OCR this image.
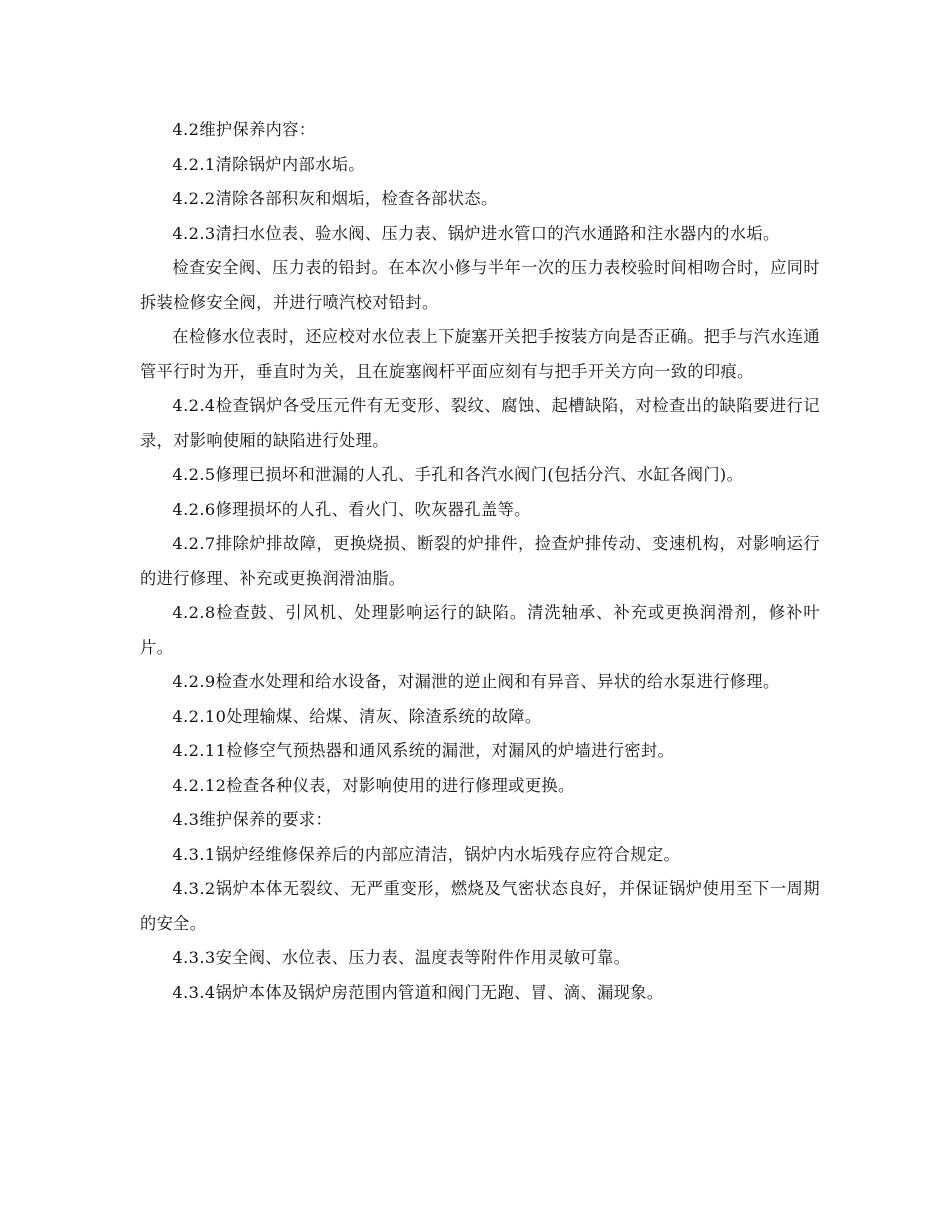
4.2维护保养内容：

4.2.1清除锅炉内部水垢。

4.2.2清除各部积灰和烟垢，检查各部状态。

4.2.3清扫水位表、验水阀、压力表、锅炉进水管口的汽水通路和注水器内的水垢。

检查安全阀、压力表的铅封。在本次小修与半年一次的压力表校验时间相吻合时，应同时拆装检修安全阀，并进行喷汽校对铅封。

在检修水位表时，还应校对水位表上下旋塞开关把手按装方向是否正确。把手与汽水连通管平行时为开，垂直时为关，且在旋塞阀杆平面应刻有与把手开关方向一致的印痕。

4.2.4检查锅炉各受压元件有无变形、裂纹、腐蚀、起槽缺陷，对检查出的缺陷要进行记录，对影响使厢的缺陷进行处理。

4.2.5修理已损坏和泄漏的人孔、手孔和各汽水阀门(包括分汽、水缸各阀门)。

4.2.6修理损坏的人孔、看火门、吹灰器孔盖等。

4.2.7排除炉排故障，更换烧损、断裂的炉排件，捡查炉排传动、变速机构，对影响运行的进行修理、补充或更换润滑油脂。

4.2.8检查鼓、引风机、处理影响运行的缺陷。清洗轴承、补充或更换润滑剂，修补叶片。

4.2.9检查水处理和给水设备，对漏泄的逆止阀和有异音、异状的给水泵进行修理。

4.2.10处理输煤、给煤、清灰、除渣系统的故障。

4.2.11检修空气预热器和通风系统的漏泄，对漏风的炉墙进行密封。

4.2.12检查各种仪表，对影响使用的进行修理或更换。

4.3维护保养的要求：

4.3.1锅炉经维修保养后的内部应清洁，锅炉内水垢残存应符合规定。

4.3.2锅炉本体无裂纹、无严重变形，燃烧及气密状态良好，并保证锅炉使用至下一周期的安全。

4.3.3安全阀、水位表、压力表、温度表等附件作用灵敏可靠。

4.3.4锅炉本体及锅炉房范围内管道和阀门无跑、冒、滴、漏现象。
